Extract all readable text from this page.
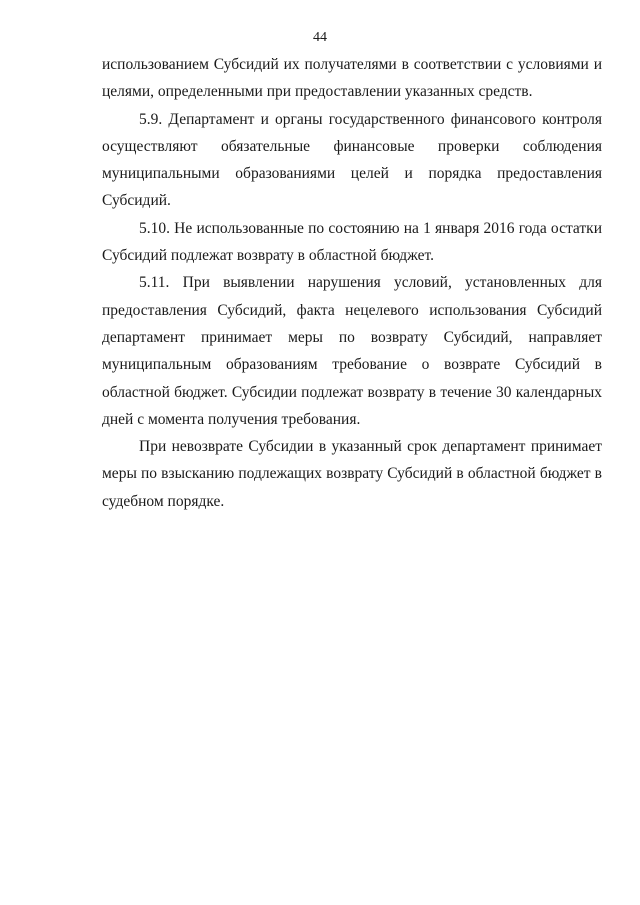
44

использованием Субсидий их получателями в соответствии с условиями и целями, определенными при предоставлении указанных средств.

5.9. Департамент и органы государственного финансового контроля осуществляют обязательные финансовые проверки соблюдения муниципальными образованиями целей и порядка предоставления Субсидий.

5.10. Не использованные по состоянию на 1 января 2016 года остатки Субсидий подлежат возврату в областной бюджет.

5.11. При выявлении нарушения условий, установленных для предоставления Субсидий, факта нецелевого использования Субсидий департамент принимает меры по возврату Субсидий, направляет муниципальным образованиям требование о возврате Субсидий в областной бюджет. Субсидии подлежат возврату в течение 30 календарных дней с момента получения требования.

При невозврате Субсидии в указанный срок департамент принимает меры по взысканию подлежащих возврату Субсидий в областной бюджет в судебном порядке.
